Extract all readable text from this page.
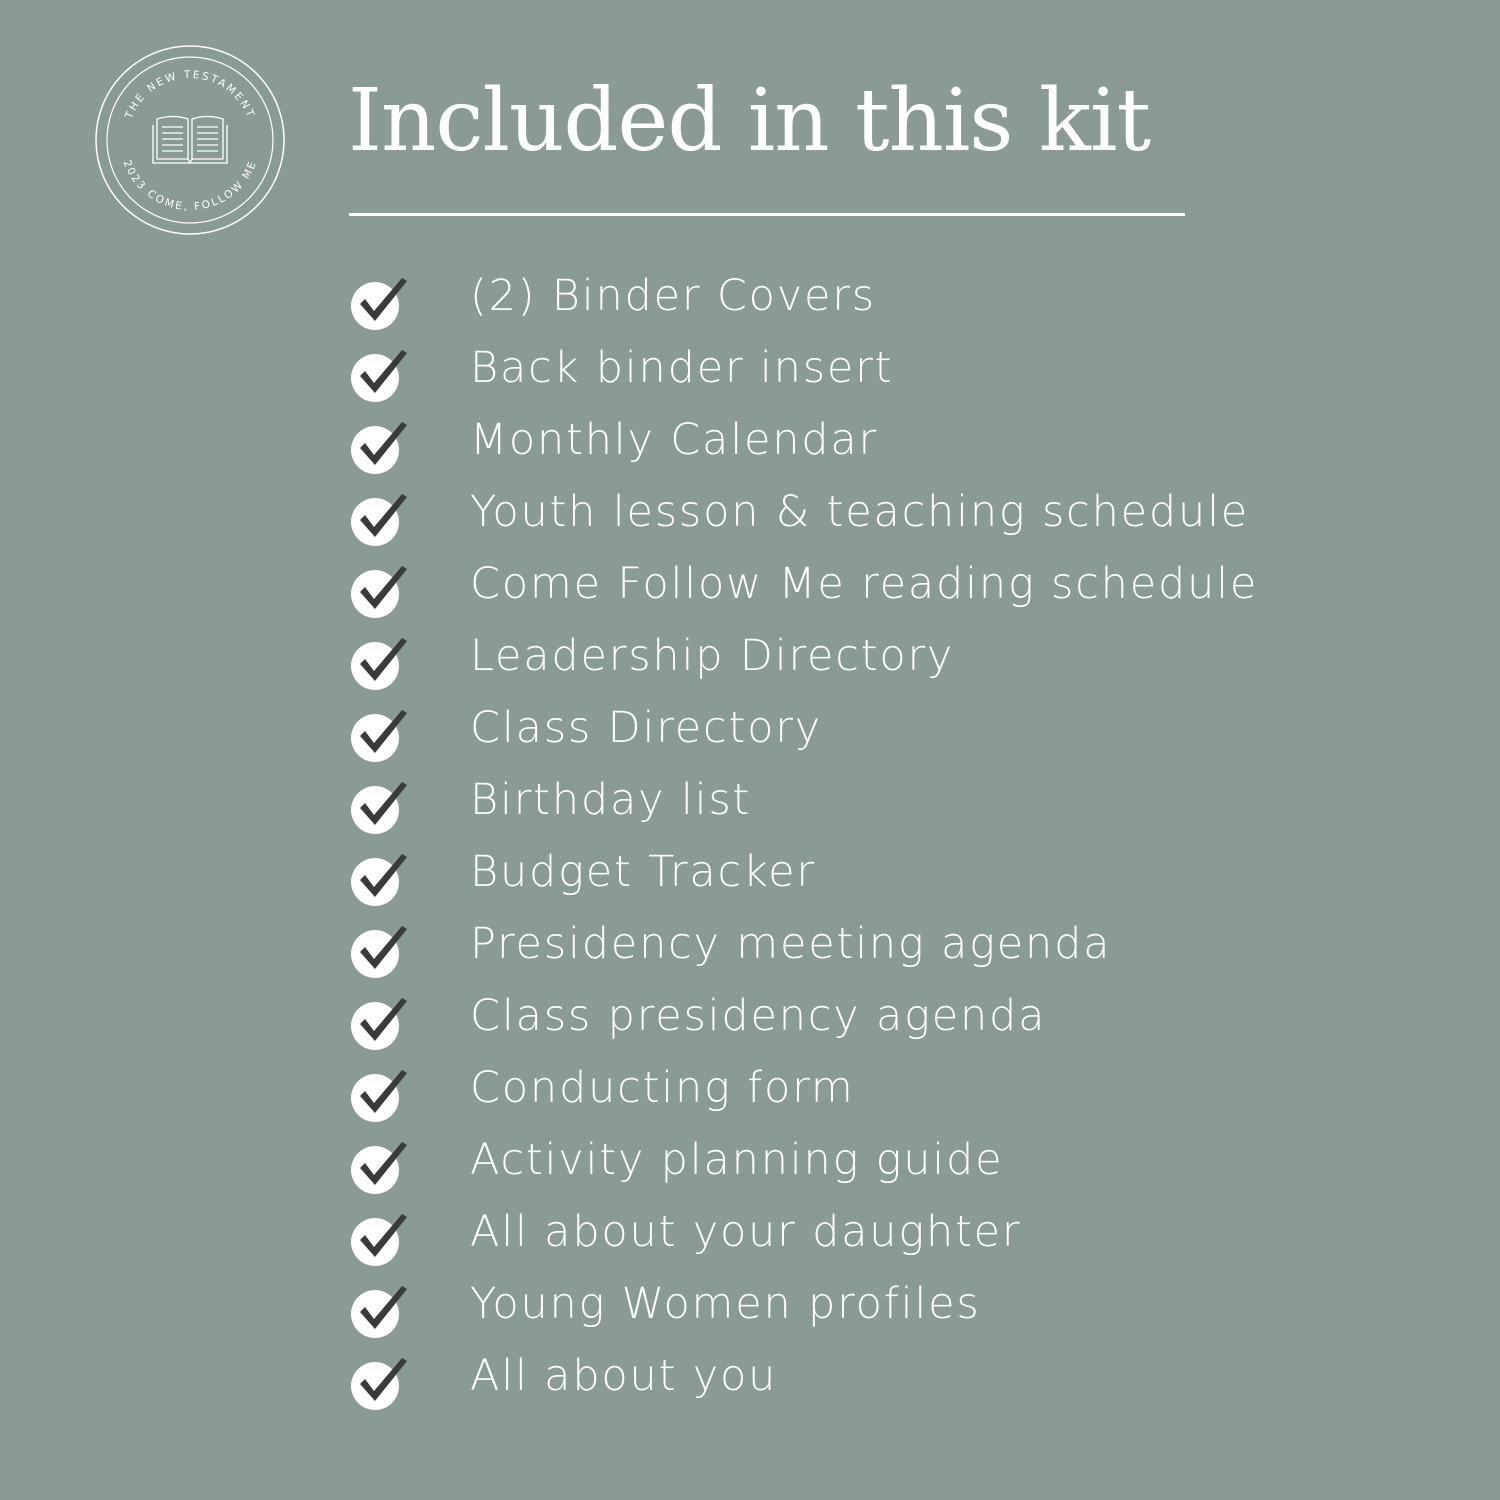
THE NEW TESTAMENT
2023 COME, FOLLOW ME Included in this kit
(2) Binder Covers
Back binder insert
Monthly Calendar
Youth lesson & teaching schedule
Come Follow Me reading schedule
Leadership Directory
Class Directory
Birthday list
Budget Tracker
Presidency meeting agenda
Class presidency agenda
Conducting form
Activity planning guide
All about your daughter
Young Women profiles
All about you
